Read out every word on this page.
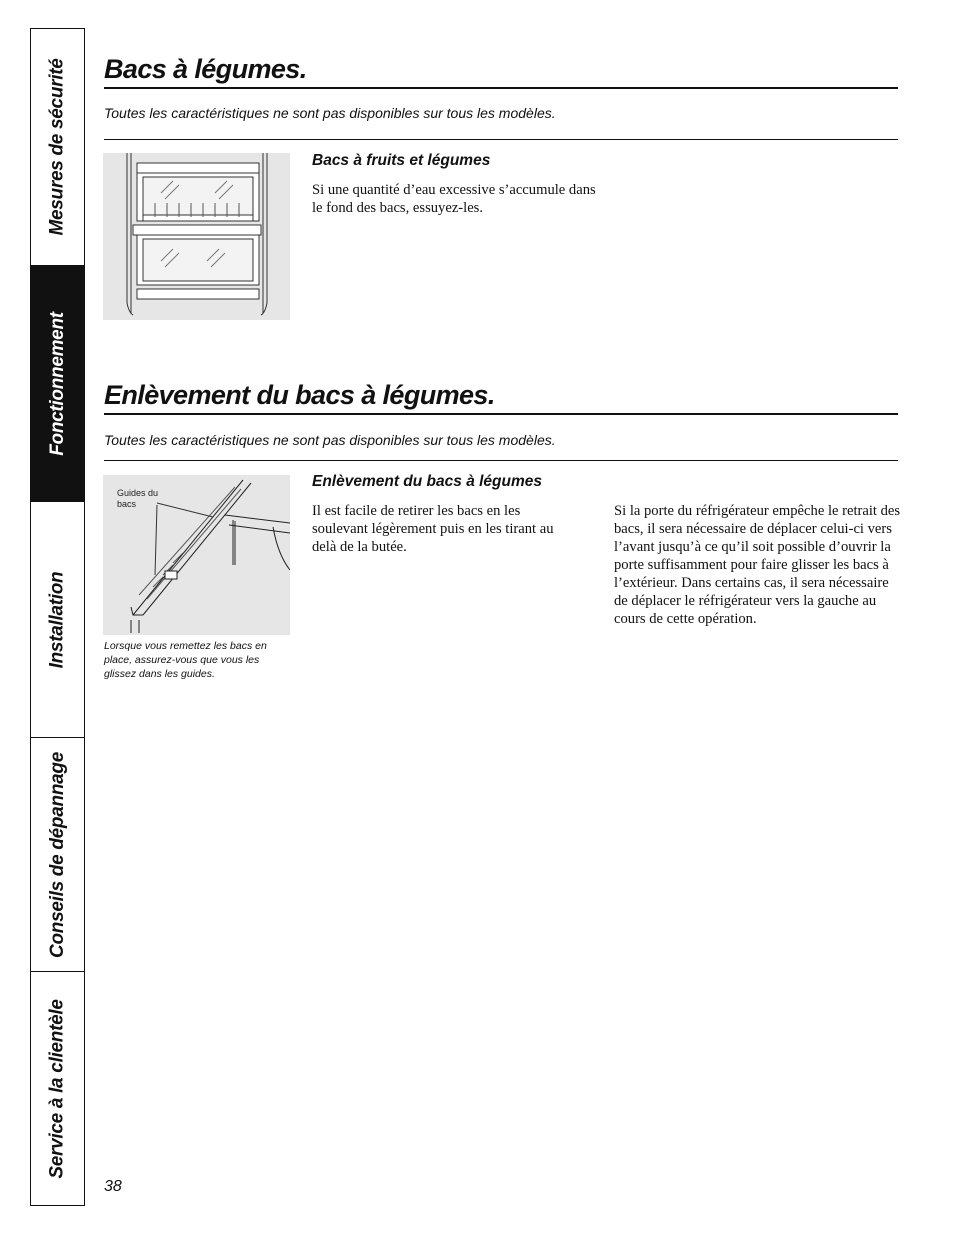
Mesures de sécurité
Fonctionnement
Installation
Conseils de dépannage
Service à la clientèle
Bacs à légumes.

Toutes les caractéristiques ne sont pas disponibles sur tous les modèles.

Bacs à fruits et légumes

Si une quantité d’eau excessive s’accumule dans le fond des bacs, essuyez-les.

Enlèvement du bacs à légumes.

Toutes les caractéristiques ne sont pas disponibles sur tous les modèles.

Guides du bacs

Lorsque vous remettez les bacs en place, assurez-vous que vous les glissez dans les guides.

Enlèvement du bacs à légumes

Il est facile de retirer les bacs en les soulevant légèrement puis en les tirant au delà de la butée.

Si la porte du réfrigérateur empêche le retrait des bacs, il sera nécessaire de déplacer celui-ci vers l’avant jusqu’à ce qu’il soit possible d’ouvrir la porte suffisamment pour faire glisser les bacs à l’extérieur. Dans certains cas, il sera nécessaire de déplacer le réfrigérateur vers la gauche au cours de cette opération.

38
